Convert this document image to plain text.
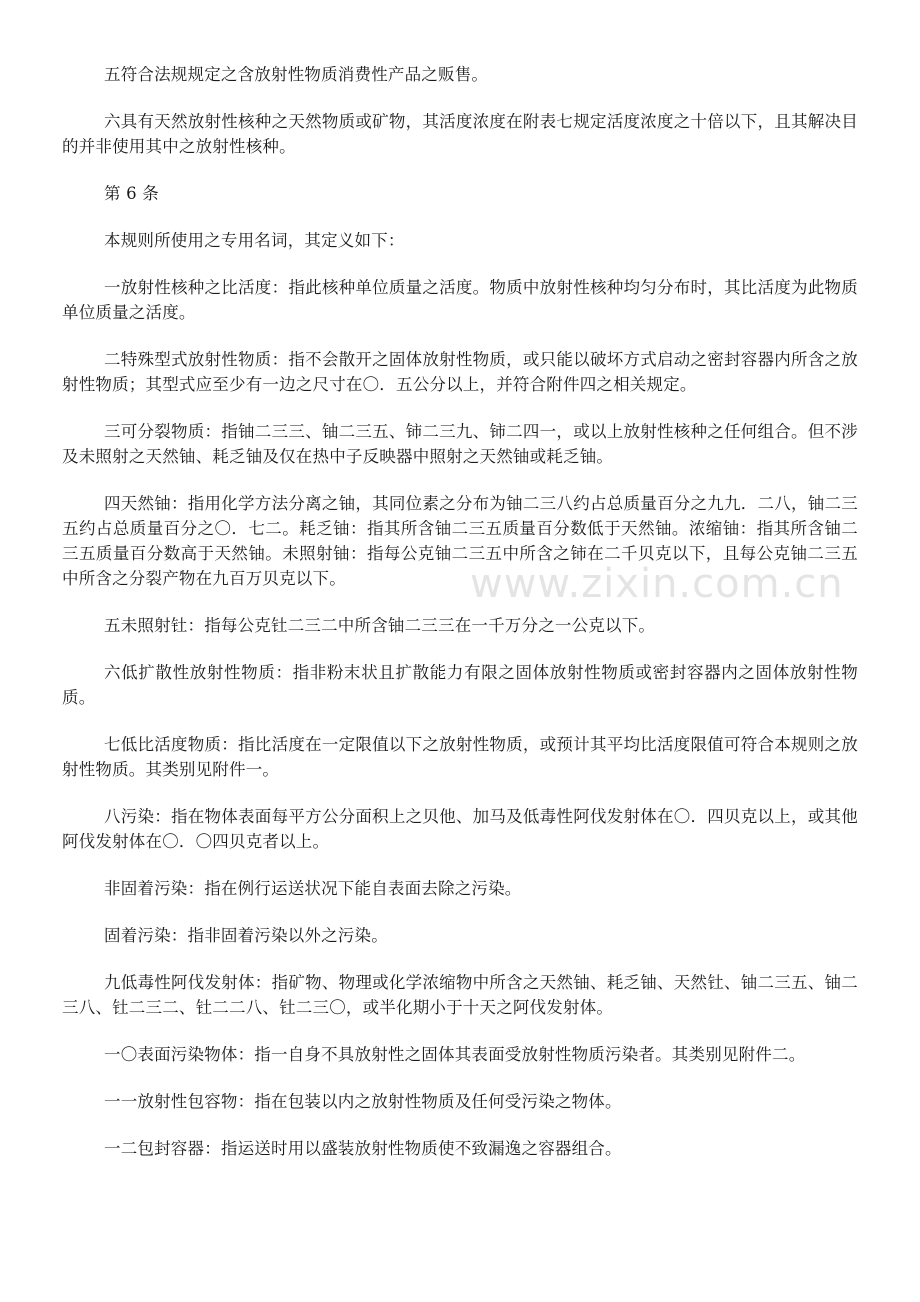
www.zixin.com.cn

五符合法规规定之含放射性物质消费性产品之贩售。

六具有天然放射性核种之天然物质或矿物，其活度浓度在附表七规定活度浓度之十倍以下，且其解决目的并非使用其中之放射性核种。

第 6 条

本规则所使用之专用名词，其定义如下：

一放射性核种之比活度：指此核种单位质量之活度。物质中放射性核种均匀分布时，其比活度为此物质单位质量之活度。

二特殊型式放射性物质：指不会散开之固体放射性物质，或只能以破坏方式启动之密封容器内所含之放射性物质；其型式应至少有一边之尺寸在〇．五公分以上，并符合附件四之相关规定。

三可分裂物质：指铀二三三、铀二三五、铈二三九、铈二四一，或以上放射性核种之任何组合。但不涉及未照射之天然铀、耗乏铀及仅在热中子反映器中照射之天然铀或耗乏铀。

四天然铀：指用化学方法分离之铀，其同位素之分布为铀二三八约占总质量百分之九九．二八，铀二三五约占总质量百分之〇．七二。耗乏铀：指其所含铀二三五质量百分数低于天然铀。浓缩铀：指其所含铀二三五质量百分数高于天然铀。未照射铀：指每公克铀二三五中所含之铈在二千贝克以下，且每公克铀二三五中所含之分裂产物在九百万贝克以下。

五未照射钍：指每公克钍二三二中所含铀二三三在一千万分之一公克以下。

六低扩散性放射性物质：指非粉末状且扩散能力有限之固体放射性物质或密封容器内之固体放射性物质。

七低比活度物质：指比活度在一定限值以下之放射性物质，或预计其平均比活度限值可符合本规则之放射性物质。其类别见附件一。

八污染：指在物体表面每平方公分面积上之贝他、加马及低毒性阿伐发射体在〇．四贝克以上，或其他阿伐发射体在〇．〇四贝克者以上。

非固着污染：指在例行运送状况下能自表面去除之污染。

固着污染：指非固着污染以外之污染。

九低毒性阿伐发射体：指矿物、物理或化学浓缩物中所含之天然铀、耗乏铀、天然钍、铀二三五、铀二三八、钍二三二、钍二二八、钍二三〇，或半化期小于十天之阿伐发射体。

一〇表面污染物体：指一自身不具放射性之固体其表面受放射性物质污染者。其类别见附件二。

一一放射性包容物：指在包装以内之放射性物质及任何受污染之物体。

一二包封容器：指运送时用以盛装放射性物质使不致漏逸之容器组合。
